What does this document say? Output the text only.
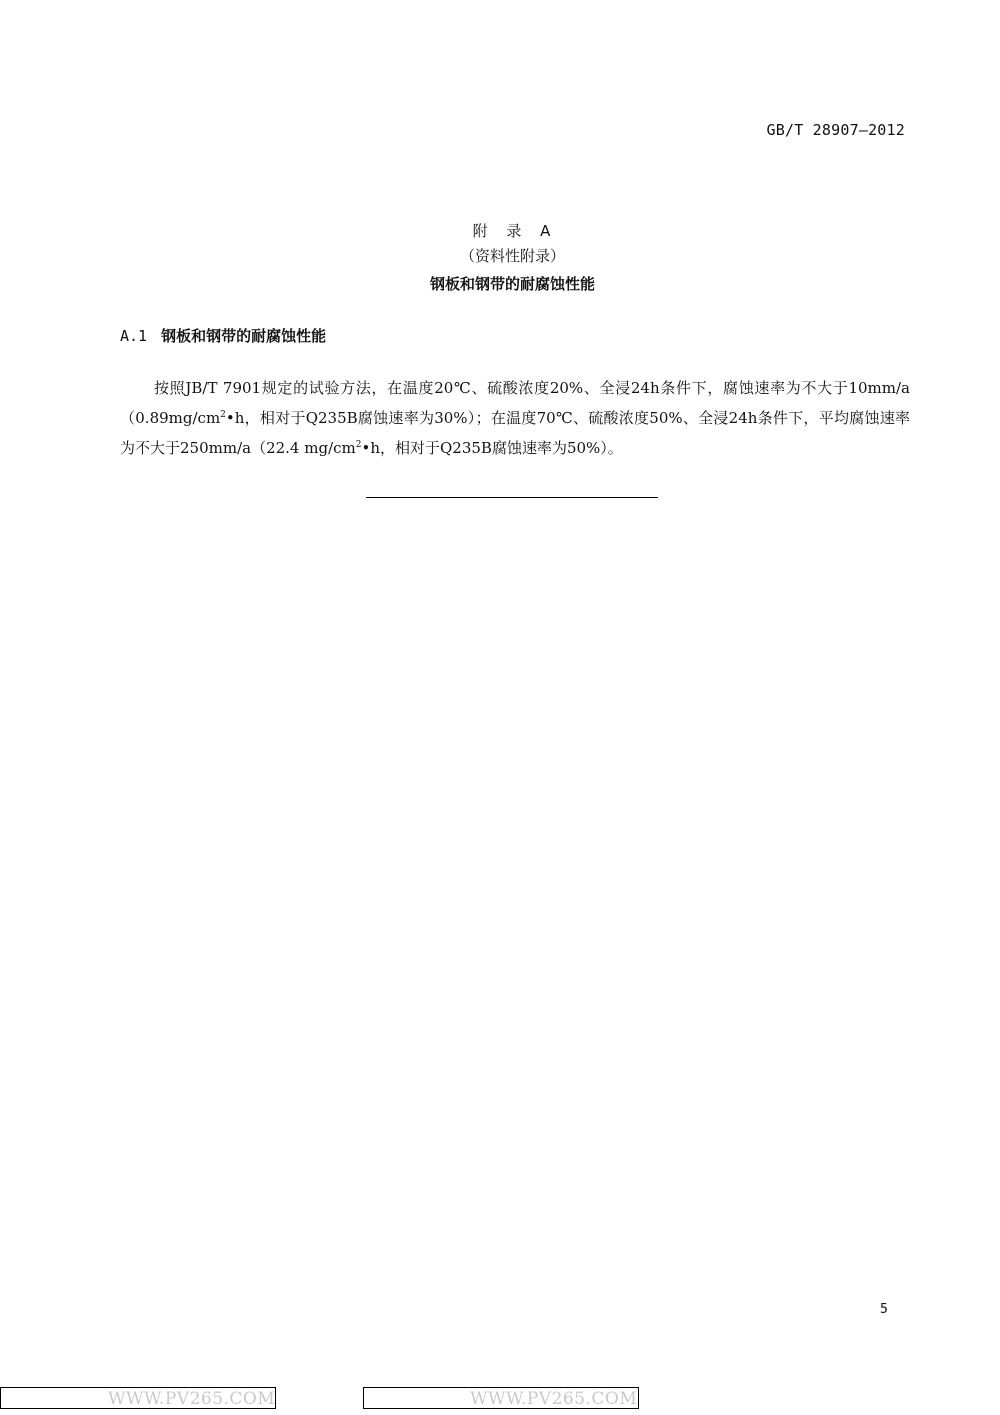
GB/T 28907—2012
附 录 A
（资料性附录）
钢板和钢带的耐腐蚀性能
A.1 钢板和钢带的耐腐蚀性能

按照JB/T 7901规定的试验方法，在温度20℃、硫酸浓度20%、全浸24h条件下，腐蚀速率为不大于$10mm/a(0.89mg/cm^2•h$，相对于Q235B腐蚀速率为30%）；在温度70℃、硫酸浓度50%、全浸24h条件下，平均腐蚀速率为不大于250mm/a（22.4 $mg/cm^2•h$，相对于Q235B腐蚀速率为50%）。

5
WWW.PV265.COM	WWW.PV265.COM
